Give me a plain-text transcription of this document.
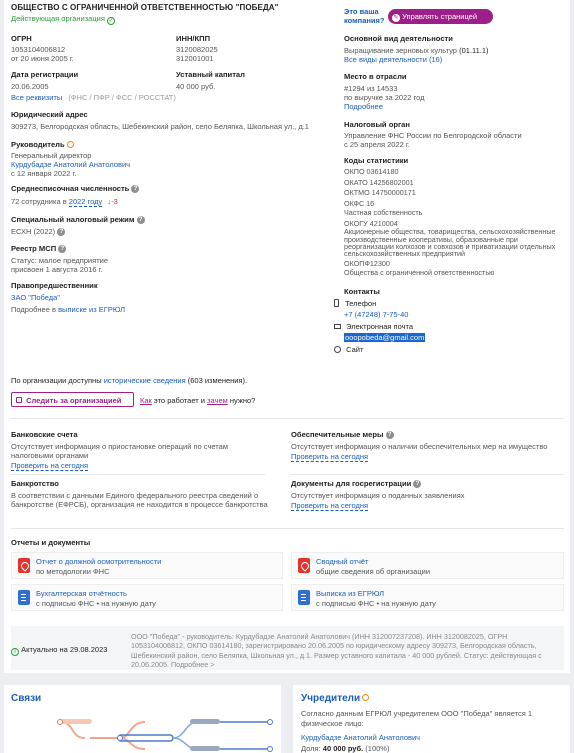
ОБЩЕСТВО С ОГРАНИЧЕННОЙ ОТВЕТСТВЕННОСТЬЮ "ПОБЕДА"
Действующая организация ✓
ОГРН
1053104006812
от 20 июня 2005 г.
ИНН/КПП
3120082025
312001001
Дата регистрации
20.06.2005
Все реквизиты (ФНС / ПФР / ФСС / РОССТАТ)
Уставный капитал
40 000 руб.
Юридический адрес
309273, Белгородская область, Шебекинский район, село Беляпка, Школьная ул., д.1
Руководитель
Генеральный директор
Курдубадзе Анатолий Анатолович
с 12 января 2022 г.
Среднесписочная численность ?
72 сотрудника в 2022 году ↓-3
Специальный налоговый режим ?
ЕСХН (2022) ?
Реестр МСП ?
Статус: малое предприятие
присвоен 1 августа 2016 г.
Правопредшественник
ЗАО "Победа"
Подробнее в выписке из ЕГРЮЛ
Это ваша компания?	✎ Управлять страницей
Основной вид деятельности
Выращивание зерновых культур (01.11.1)
Все виды деятельности (16)
Место в отрасли
#1294 из 14533
по выручке за 2022 год
Подробнее
Налоговый орган
Управление ФНС России по Белгородской области
с 25 апреля 2022 г.
Коды статистики
ОКПО 03614180
ОКАТО 14256802001
ОКТМО 14750000171
ОКФС 16
Частная собственность
ОКОГУ 4210004
Акционерные общества, товарищества, сельскохозяйственные производственные кооперативы, образованные при реорганизации колхозов и совхозов и приватизации отдельных сельскохозяйственных предприятий
ОКОПФ12300
Общества с ограниченной ответственностью
Контакты
Телефон
+7 (47248) 7-75-40
Электронная почта
ooopobeda@gmail.com
Сайт
По организации доступны исторические сведения (603 изменения).
Следить за организацией	Как это работает и зачем нужно?
Банковские счета
Отсутствует информация о приостановке операций по счетам налоговыми органами
Проверить на сегодня
Обеспечительные меры ?
Отсутствует информация о наличии обеспечительных мер на имущество
Проверить на сегодня
Банкротство
В соответствии с данными Единого федерального реестра сведений о банкротстве (ЕФРСБ), организация не находится в процессе банкротства
Документы для госрегистрации ?
Отсутствует информация о поданных заявлениях
Проверить на сегодня
Отчеты и документы
Отчет о должной осмотрительности
по методологии ФНС
Сводный отчёт
общие сведения об организации
Бухгалтерская отчётность
с подписью ФНС • на нужную дату
Выписка из ЕГРЮЛ
с подписью ФНС • на нужную дату
i Актуально на 29.08.2023
ООО "Победа" - руководитель: Курдубадзе Анатолий Анатолович (ИНН 312007237208). ИНН 3120082025, ОГРН 1053104006812, ОКПО 03614180, зарегистрировано 20.06.2005 по юридическому адресу 309273, Белгородская область, Шебекинский район, село Беляпка, Школьная ул., д.1. Размер уставного капитала - 40 000 рублей. Статус: действующая с 20.06.2005. Подробнее >
Связи	Учредители
Согласно данным ЕГРЮЛ учредителем ООО "Победа" является 1 физическое лицо:
Курдубадзе Анатолий Анатолович
Доля: 40 000 руб. (100%)
